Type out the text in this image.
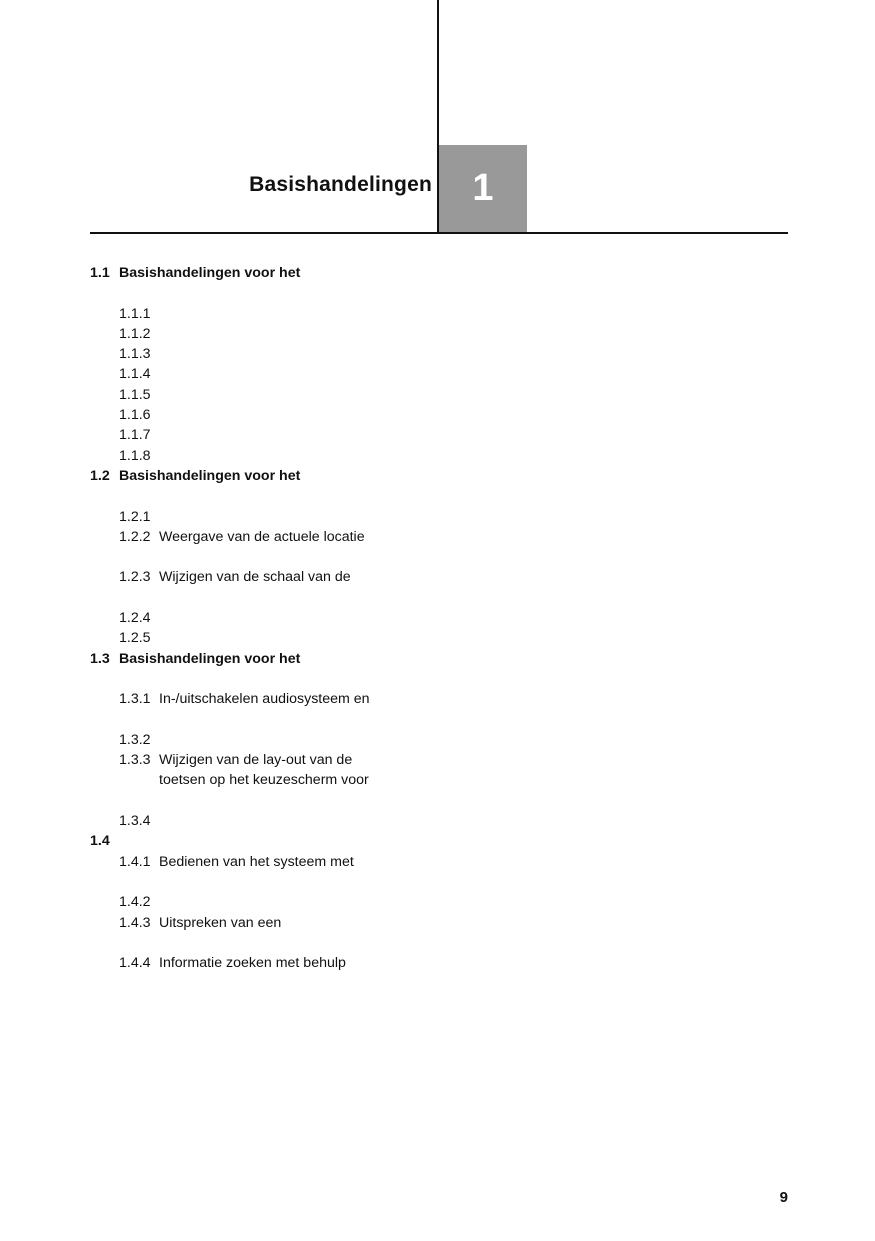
Basishandelingen 1
1.1 Basishandelingen voor het
1.1.1
1.1.2
1.1.3
1.1.4
1.1.5
1.1.6
1.1.7
1.1.8
1.2 Basishandelingen voor het
1.2.1
1.2.2 Weergave van de actuele locatie
1.2.3 Wijzigen van de schaal van de
1.2.4
1.2.5
1.3 Basishandelingen voor het
1.3.1 In-/uitschakelen audiosysteem en
1.3.2
1.3.3 Wijzigen van de lay-out van de
toetsen op het keuzescherm voor
1.3.4
1.4
1.4.1 Bedienen van het systeem met
1.4.2
1.4.3 Uitspreken van een
1.4.4 Informatie zoeken met behulp
9
